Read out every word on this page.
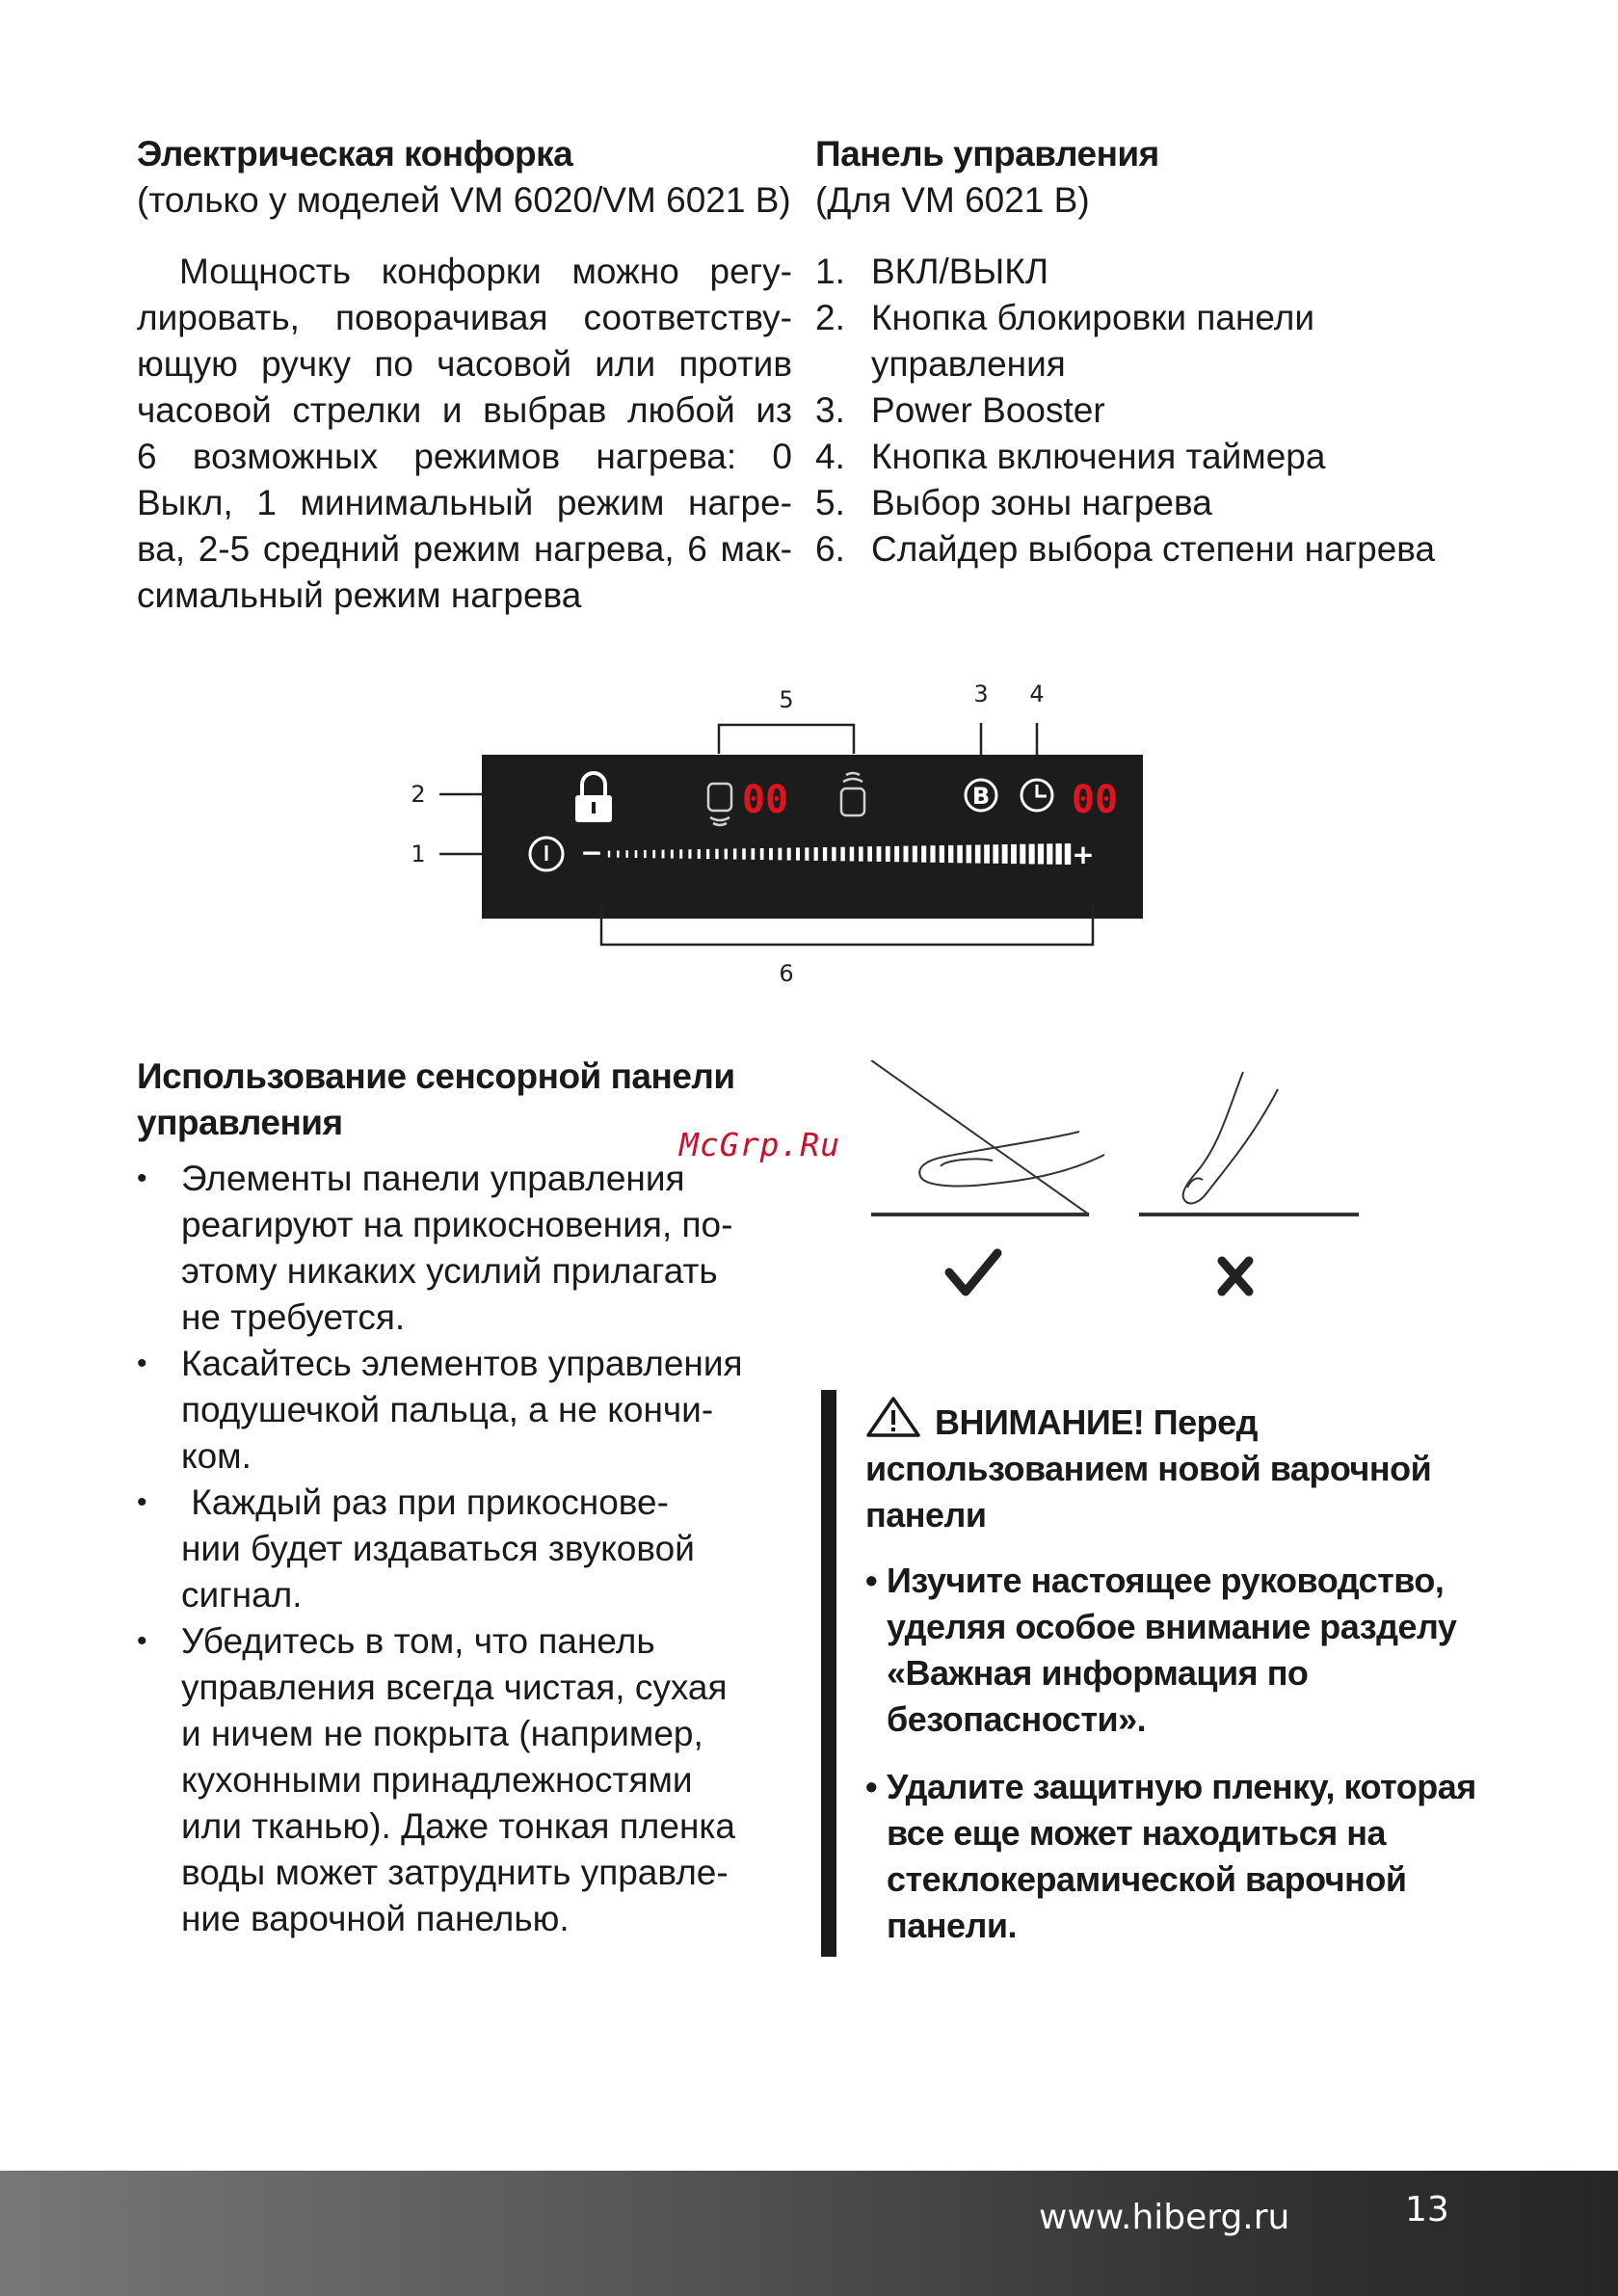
Электрическая конфорка
(только у моделей VM 6020/VM 6021 B)
Мощность конфорки можно регу-
лировать, поворачивая соответству-
ющую ручку по часовой или против
часовой стрелки и выбрав любой из
6 возможных режимов нагрева: 0
Выкл, 1 минимальный режим нагре-
ва, 2-5 средний режим нагрева, 6 мак-
симальный режим нагрева
Панель управления
(Для VM 6021 B)
1. ВКЛ/ВЫКЛ
2. Кнопка блокировки панели
управления
3. Power Booster
4. Кнопка включения таймера
5. Выбор зоны нагрева
6. Слайдер выбора степени нагрева
5	3 4
2
1
00	B 00
−	+
6
Использование сенсорной панели
управления
• Элементы панели управления
реагируют на прикосновения, по-
этому никаких усилий прилагать
не требуется.
• Касайтесь элементов управления
подушечкой пальца, а не кончи-
ком.
• Каждый раз при прикоснове-
нии будет издаваться звуковой
сигнал.
• Убедитесь в том, что панель
управления всегда чистая, сухая
и ничем не покрыта (например,
кухонными принадлежностями
или тканью). Даже тонкая пленка
воды может затруднить управле-
ние варочной панелью.
✓	✕
McGrp.Ru
ВНИМАНИЕ! Перед
использованием новой варочной
панели
• Изучите настоящее руководство,
уделяя особое внимание разделу
«Важная информация по
безопасности».
• Удалите защитную пленку, которая
все еще может находиться на
стеклокерамической варочной
панели.
www.hiberg.ru	13
